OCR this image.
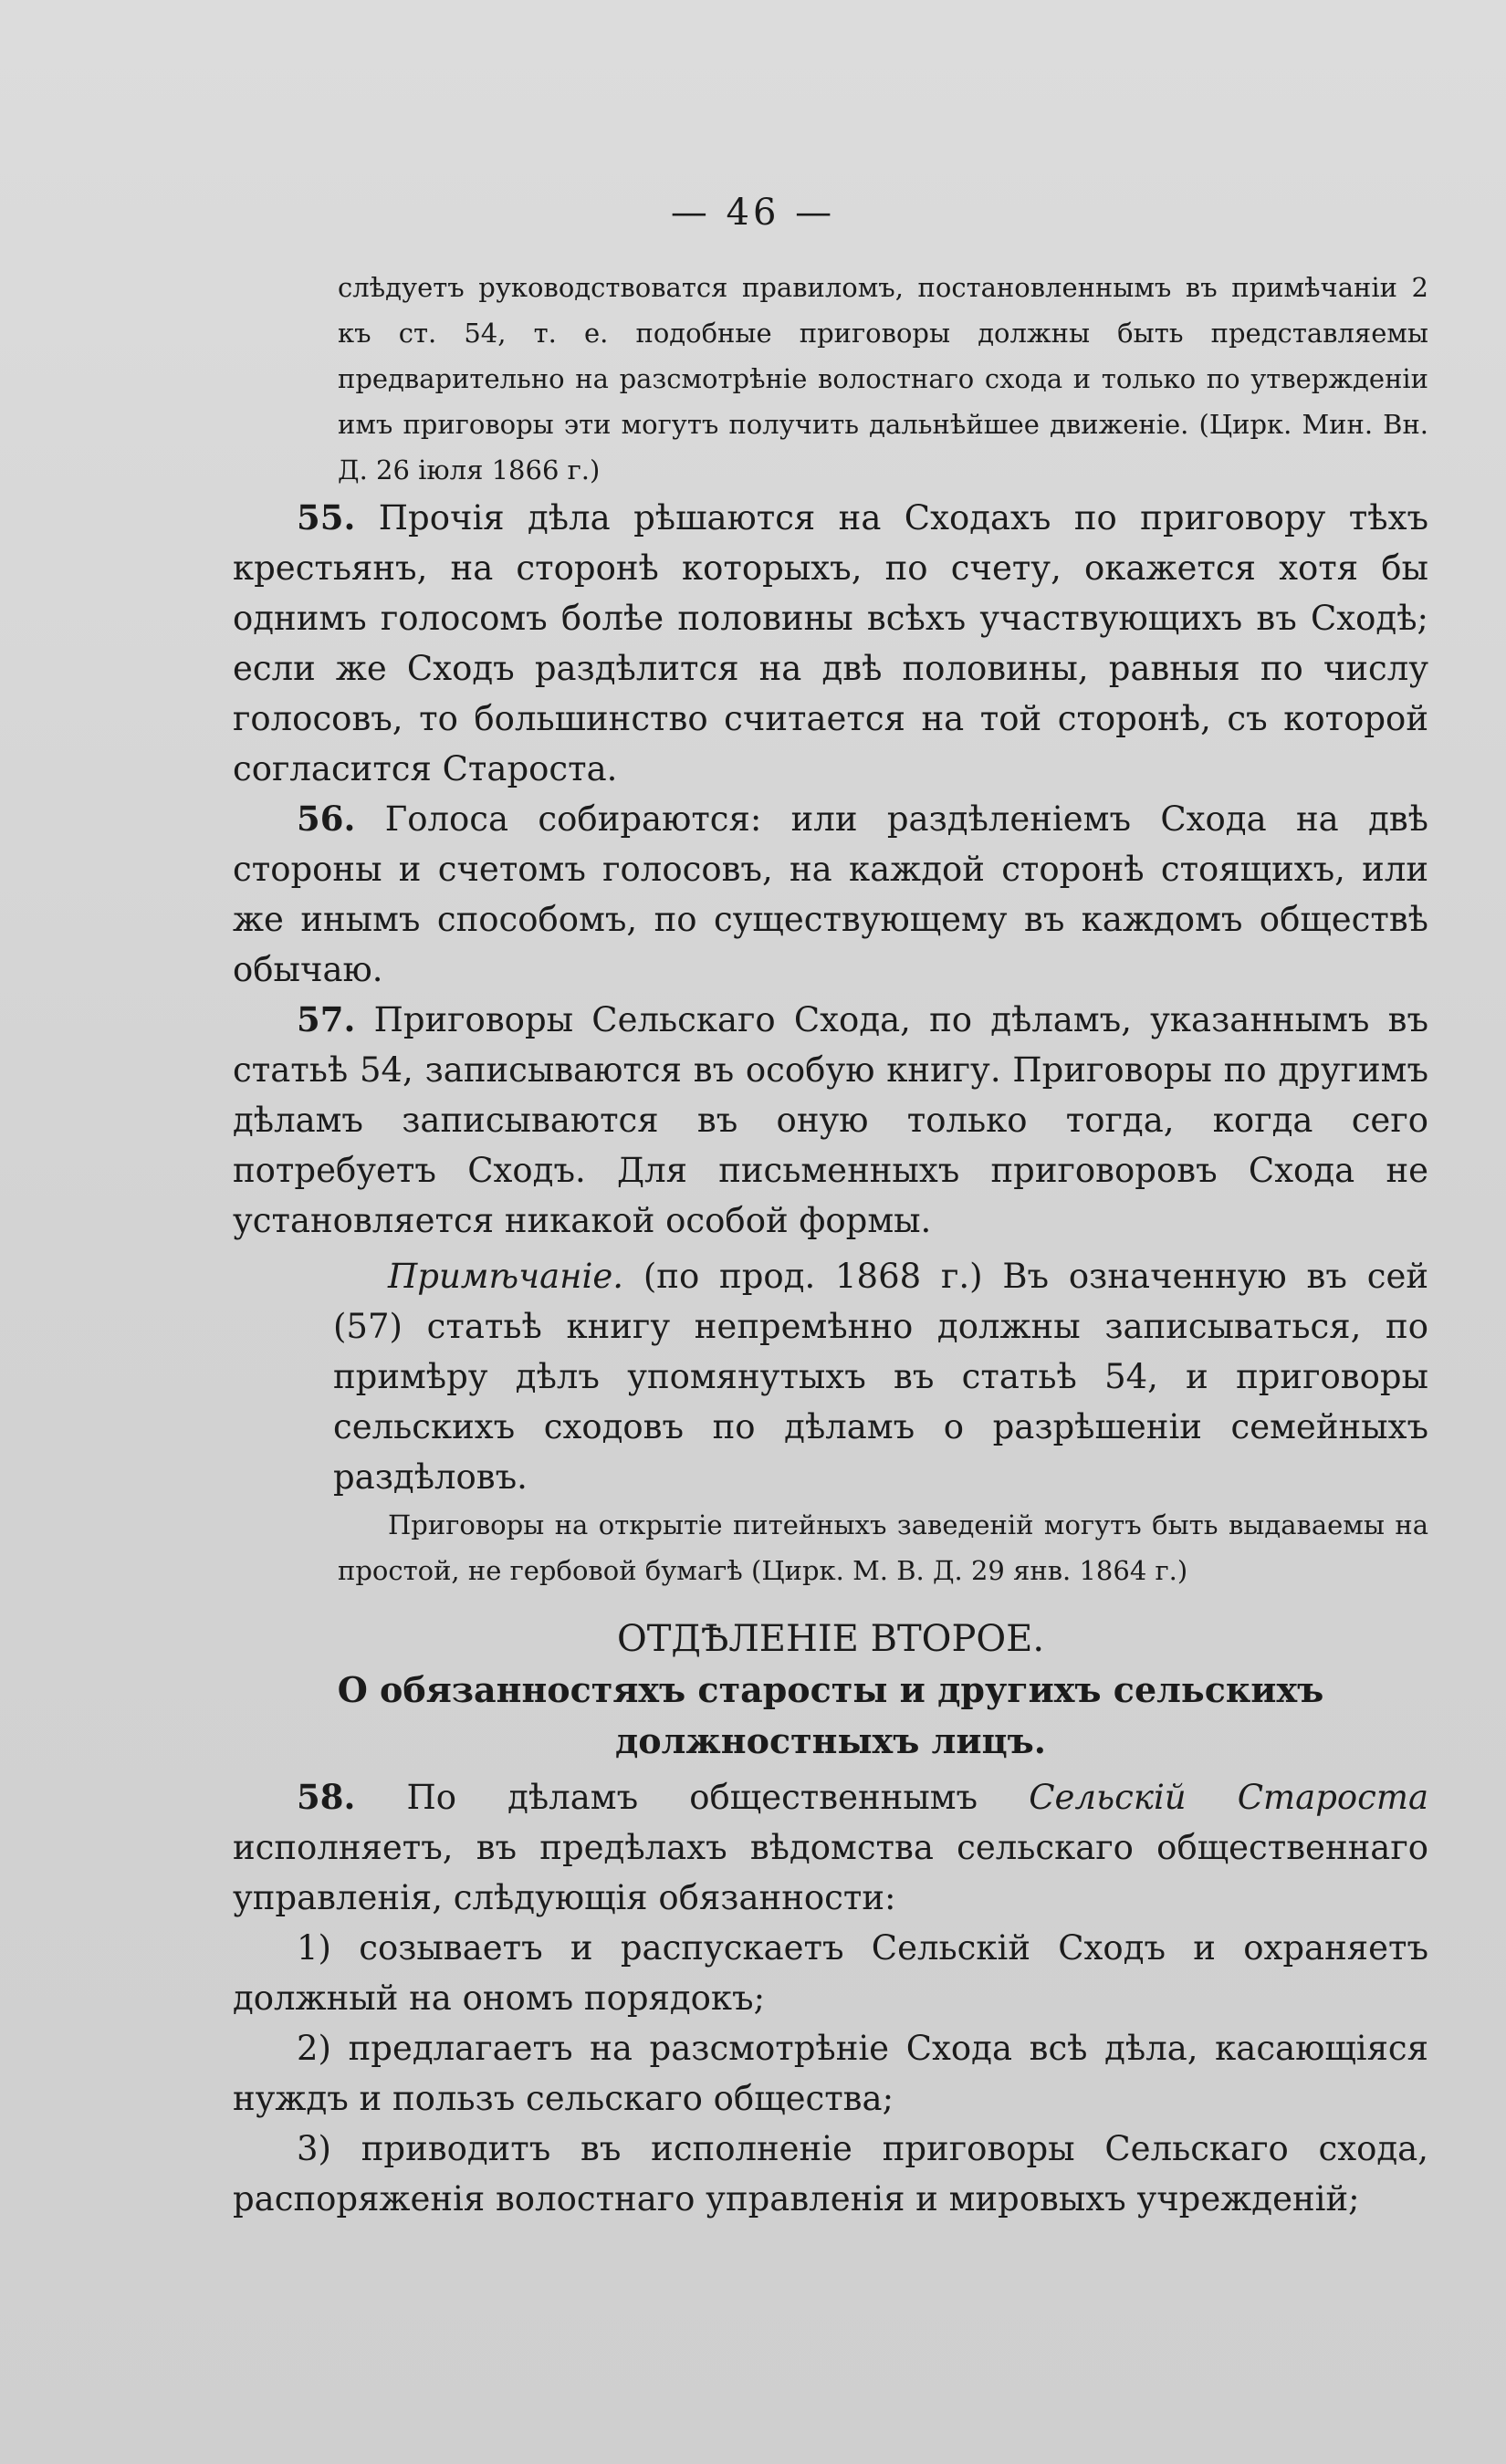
— 46 —

слѣдуетъ руководствоватся правиломъ, постановленнымъ въ примѣчаніи 2 къ ст. 54, т. е. подобные приговоры должны быть представляемы предварительно на разсмотрѣніе волостнаго схода и только по утвержденіи имъ приговоры эти могутъ получить дальнѣйшее движеніе. (Цирк. Мин. Вн. Д. 26 іюля 1866 г.)

55. Прочія дѣла рѣшаются на Сходахъ по приговору тѣхъ крестьянъ, на сторонѣ которыхъ, по счету, окажется хотя бы однимъ голосомъ болѣе половины всѣхъ участвующихъ въ Сходѣ; если же Сходъ раздѣлится на двѣ половины, равныя по числу голосовъ, то большинство считается на той сторонѣ, съ которой согласится Староста.

56. Голоса собираются: или раздѣленіемъ Схода на двѣ стороны и счетомъ голосовъ, на каждой сторонѣ стоящихъ, или же инымъ способомъ, по существующему въ каждомъ обществѣ обычаю.

57. Приговоры Сельскаго Схода, по дѣламъ, указаннымъ въ статьѣ 54, записываются въ особую книгу. Приговоры по другимъ дѣламъ записываются въ оную только тогда, когда сего потребуетъ Сходъ. Для письменныхъ приговоровъ Схода не установляется никакой особой формы.

Примѣчаніе. (по прод. 1868 г.) Въ означенную въ сей (57) статьѣ книгу непремѣнно должны записываться, по примѣру дѣлъ упомянутыхъ въ статьѣ 54, и приговоры сельскихъ сходовъ по дѣламъ о разрѣшеніи семейныхъ раздѣловъ.

Приговоры на открытіе питейныхъ заведеній могутъ быть выдаваемы на простой, не гербовой бумагѣ (Цирк. М. В. Д. 29 янв. 1864 г.)

ОТДѢЛЕНІЕ ВТОРОЕ.
О обязанностяхъ старосты и другихъ сельскихъ должностныхъ лицъ.

58. По дѣламъ общественнымъ Сельскій Староста исполняетъ, въ предѣлахъ вѣдомства сельскаго общественнаго управленія, слѣдующія обязанности:

1) созываетъ и распускаетъ Сельскій Сходъ и охраняетъ должный на ономъ порядокъ;

2) предлагаетъ на разсмотрѣніе Схода всѣ дѣла, касающіяся нуждъ и пользъ сельскаго общества;

3) приводитъ въ исполненіе приговоры Сельскаго схода, распоряженія волостнаго управленія и мировыхъ учрежденій;
